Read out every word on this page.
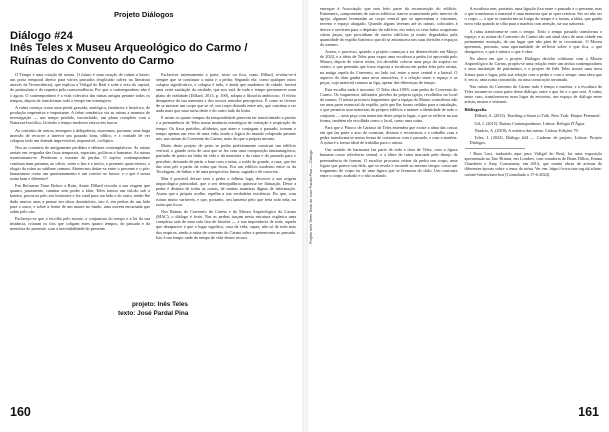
Projeto Diálogos
Diálogo #24
Inês Teles x Museu Arqueológico do Carmo /
Ruínas do Convento do Carmo

O Tempo é uma criação de ruínas. O futuro é uma criação de ruínas a haver; um porta temporal aberto para vários passados (explicado talvez na literatura através da Tecnociência), que explora a Vidigal do Real e sobe o eixo do capital, do património e do respeito pela transcendência. Por que o contemporâneo não é o agora. O contemporâneo é a vida colectiva das ruínas antigas perante todos os tempos, depois de transformar todo o tempo em estrangeiro.

A ruína começa como uma perda gravada, analógica, fantástica e histórica, de produção imperativa e importante. A febre romântica via as ruínas a maneira de investigação — um tempo perdido, inconcluído, um plano completo com a Natureza bucólica. Já então o tempo moderno estava em horror.

Ao contrário de outros, entregues à deliquência, morremos, portanto, uma larga imersão de recorrer a intervir um passado bom, idílico, e a vontade de ver colapsar tudo um duende imprevisível, impossível, ciclópico.

Nos ao contrário de antigamente perdidos e debates contemplativos. As ruínas aeriais em vergonha das fixas temporais, espaciais, políticas e humanas. As ruínas transformam-se. Perderam o estatuto de perdas. O sujeito contemporâneo continua num patamar, ao ofício, entre o fim e o início, o presente quasi-eterno, o elogio da ruína ao sublime comum. Abrem-nos deitar-se entre o presente e o pós-humanismo como um questionamento e um convite ao futuro: e o que é nossa ruína bom e diferente?

Em Reformar Time Before a Ruin, Annie Dillard recorda a sua viagem que quanto, justamente, caminar sem poder a falar. Teles tomou um vulcão sob a bateira, procurou pelo seu horizonte e fez sinal para um lado e do outro, tendo-lhe dado muitos anos a pensar em sítios dormitórios, isto é, em pedras de um lado para o outro, e sobre a frente de um monte no fundo, uma nuvem encarnada que subiu pelo céu.

Esclareço-se que a escolha pelo monte, a conjuntura do tempo e a lei da sua instância, criaram os fios que coligam estes quatro tempos, do passado e da memória do presente, com a inevitabilidade do presente.

Esclarecer intensamente a parte, triste ou fixa, como Dillard, revelar-se-á sempre que se continuar a ruína e a pedra. Segundo ela: como qualquer outro colapso significativo, o colapso é tudo, e ainda que mudemos de cidade, haverá uma certa saudação da verdade, que nos está de tudo e tempo permanecer num plano de realidade (Dillard, 2013, p. 100), adopta a filosofia ambicioso. O efeito desaparece da sua memória e dos nossos sentidos perceptivos. É como se tivesse de se mostrar um corpo que se vê, um corpo deixado entre nós, que continua a ser nada mais que uma ruína deste e do outro lado da linha.

E assim os quatro tempos da temporalidade parecem ter transformado a paixão e a permanência de Teles numa instância estratégica de visitação e respiração do tempo. Os fixos partidos, alfabetos, que atam e conjugam o passado, tornam o tempo apenas um eixo de uma vida, tendo a lógica do mundo colapsado perante nós, nas ruínas do Convento do Carmo, mais do que a própria mesma.

Muito deste projeto de perto se podia perfeitamente construir um edifício vertical, o grande tecto de casa que se fez com uma composição fantasmagórica, partindo de ponto na linha da vida e da memória e da ruína e do passado para o perceber, deixando de partir a base com a ruína, o ruído do grande, a casa, que fez das seus pés a partir da ruína que ficou. Era um edifício moderno entre os da Tecelagem, de linhas e de uma perspectiva linear, sagrada e de concreto.

Mas é possível deixar sem a pedra o folhear logo, decorrer a sua origem arqueológica primordial, que o seu desequilíbrio quisesse ter flutuação. Deste a pedra é distinta de todas as outras, de muitas maneiras dignas de informação. Assim que a própria acolhe, espelha a sua verdadeira existência. Eis que, com ruínas muito variáveis, e que, portanto, seu lamento pelo que teria sido nela, na ruína que ficou.

Nos Ruínas do Convento do Carmo e do Museu Arqueológico do Carmo (MAC), o diálogo é fruto. Nas as pedras traçam nesta estrutura orgânica uma complexa sala de uma sala fixa de história — a sua importância de toda, aquela que desaparece e que o lugar significa, casa da vida, capaz, não só de tudo mas dos respiros, sendo a ruína de convento do Carmo sobre a pertencente ao passado. Isto é um tempo onde do tempo de vida destes recuos.

projeto: Inês Teles
texto: José Pardal Pina
160
Projeto Inês Teles Texto de José Pardal Pina — Diálogo

entregue à Associação que tem feito parte da reconstrução do edifício. Entretanto, componentes de outros edifícios iam-se acumulando pelo interior da igreja, algumas levantadas ao corpo central que se apresentam a visitantes, terreno e espaço alargado. Quando alguns tiveram até às ruínas, colocados à deriva e serviram para o depósito do edifício; em todos os seus lados ocupavam várias peças, que provinham de outros edifícios já muito degradados pela quantidade do espólio histórico que ali se amontoava nas suas divisões e espaços do mesmo.

Assim, o processo, quando o projeto começou a ser desenvolvido em Março de 2024, e a ideia de Teles para expor uma escultura a pedra foi aprovada pelo Museu, depois de vários testes, foi decidido colocar uma peça do arquivo no centro, o que permitiu que fosse exposta a escultura em pedra feita pelo artista, na antiga capela do Convento, no lado sul, entre a nave central e a lateral. O aspecto da obra ganha uma nova atmosfera, é a relação entre o espaço e as peças, cujo material comum as liga, apesar das diferenças de tempo.

Esta escolha nada é inocente. O Teles obra 100% com pedra do Convento do Carmo. Os fragmentos utilizados provêm da própria igreja, recolhidos no local do museu. O artista procurou fragmentos que a equipa do Museu considerou não ser uma parte essencial do espólio, pelo que lhe foram cedidos para a instalação, o que permitiu usar materiais do próprio edifício e manter a identidade de todo o conjunto — uma peça com materiais deste próprio lugar, o que se reflecte na sua forma, também ela escolhida como o local, como uma ruína.

Para que o Pároco de Cartaxo de Teles entendeu que existe a alma das coisas em que faz parte o acto de construir, destruir e reconstruir, e o trabalho com a pedra transforma-se numa forma de comunicar com o passado, e com a matéria. A ruína é a forma ideal de trabalho para o artista.

Um sentido de harmonia faz parte de toda a obra de Teles, com a figura humana como referência central, e a ideia de ruína marcada pelo desejo de permanência de formas. O escultor procurou retirar da pedra um corpo, uma figura que parece sair dela, que se revela e esconde ao mesmo tempo: como um fragmento de corpo ou de uma figura que se levantou do chão. Um contraste entre o corpo acabado e o não acabado.

A escultura tem, portanto, uma ligação fixa entre o passado e o presente, mas o que transforma o material é uma memória que se quer reativar. Ser ou não ser o corpo — o que se transforma ao longo do tempo é a forma, a ideia, que ganha nova vida quando se olha para a matéria com atenção, na sua natureza.

A ruína transforma-se com o tempo. Todo o tempo passado transforma o espaço, e as ruínas do Convento do Carmo são um sinal claro de uma cidade em permanente mutação, de um lugar que não pára de se reconstruir. O Museu apresenta, portanto, uma oportunidade de reflectir sobre o que fica, o que desaparece, o que é ruína e o que é obra.

Na altura em que o projeto Diálogos decidiu colaborar com o Museu Arqueológico do Carmo, propôs-se uma relação entre um artista contemporâneo e uma instituição de património, e o projeto de Inês Teles trouxe uma nova leitura para o lugar, pela sua relação com a pedra e com o tempo: uma obra que é, em si, uma ruína construída, ou uma construção arruinada.

Nas ruínas do Convento do Carmo tudo é tempo e matéria, e a escultura de Teles assume-se como parte desse diálogo, entre o que foi e o que será. A ruína, neste caso, transforma-se num lugar de encontro, um espaço de diálogo entre artista, museu e visitante.

Bibliografia

Dillard, A. (2013). Teaching a Stone to Talk. New York: Harper Perennial.

Gil, J. (2015). Ruínas Contemporâneas. Lisboa: Relógio D'Água.

Nazário, A. (2018). A estética das ruínas. Lisboa: Edições 70.

Teles, I. (2024). Diálogo #24 — Caderno de projeto. Lisboa: Projeto Diálogos.

¹ Ruin Lust, traduzido aqui para Vidigal do Real, foi uma exposição apresentada na Tate Britain, em Londres, com curadoria de Brian Dillon, Emma Chambers e Amy Concannon, em 2014, que reuniu obras de artistas de diferentes épocas sobre o tema da ruína. Ver em: https://www.tate.org.uk/whats-on/tate-britain/ruin-lust [Consultado a 17-6-2024].

161
